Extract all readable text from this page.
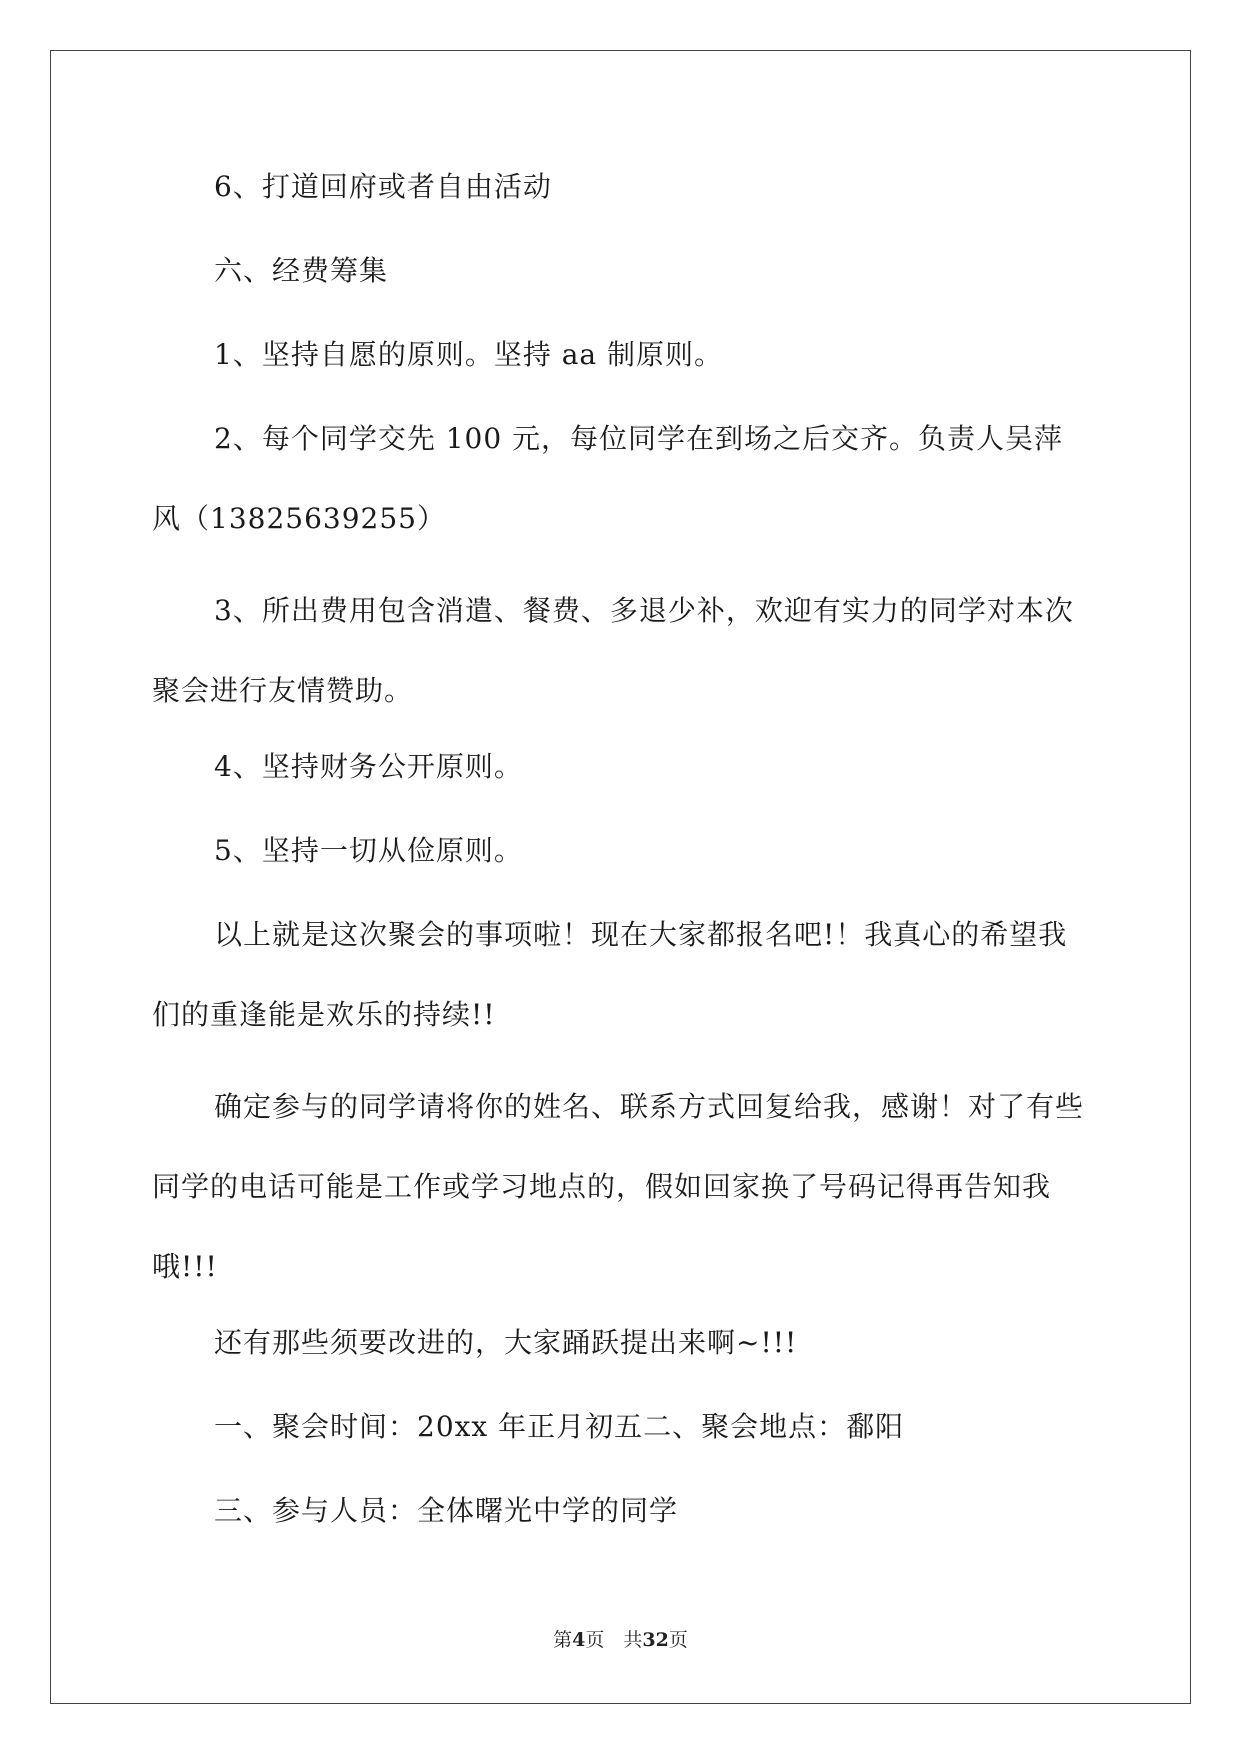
6、打道回府或者自由活动

六、经费筹集

1、坚持自愿的原则。坚持 aa 制原则。

2、每个同学交先 100 元，每位同学在到场之后交齐。负责人吴萍风（13825639255）

3、所出费用包含消遣、餐费、多退少补，欢迎有实力的同学对本次聚会进行友情赞助。

4、坚持财务公开原则。

5、坚持一切从俭原则。

以上就是这次聚会的事项啦！现在大家都报名吧!！我真心的希望我们的重逢能是欢乐的持续!!

确定参与的同学请将你的姓名、联系方式回复给我，感谢！对了有些同学的电话可能是工作或学习地点的，假如回家换了号码记得再告知我哦!!!

还有那些须要改进的，大家踊跃提出来啊~!!!

一、聚会时间：20xx 年正月初五二、聚会地点：鄱阳

三、参与人员：全体曙光中学的同学

第4页　共32页
